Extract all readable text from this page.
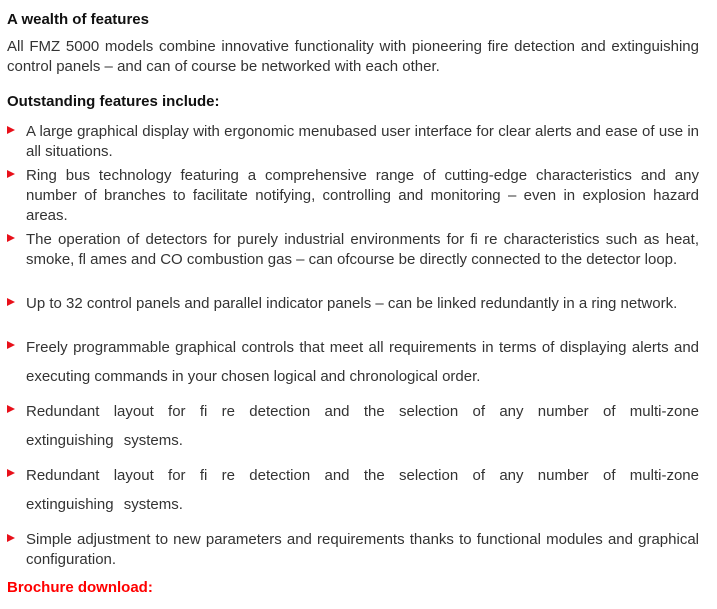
A wealth of features

All FMZ 5000 models combine innovative functionality with pioneering fire detection and extinguishing control panels – and can of course be networked with each other.

Outstanding features include:
A large graphical display with ergonomic menubased user interface for clear alerts and ease of use in all situations.
Ring bus technology featuring a comprehensive range of cutting-edge characteristics and any number of branches to facilitate notifying, controlling and monitoring – even in explosion hazard areas.
The operation of detectors for purely industrial environments for fi re characteristics such as heat, smoke, fl ames and CO combustion gas – can ofcourse be directly connected to the detector loop.
Up to 32 control panels and parallel indicator panels – can be linked redundantly in a ring network.
Freely programmable graphical controls that meet all requirements in terms of displaying alerts and executing commands in your chosen logical and chronological order.
Redundant layout for fi re detection and the selection of any number of multi-zone extinguishing systems.
Redundant layout for fi re detection and the selection of any number of multi-zone extinguishing systems.
Simple adjustment to new parameters and requirements thanks to functional modules and graphical configuration.
Brochure download:
